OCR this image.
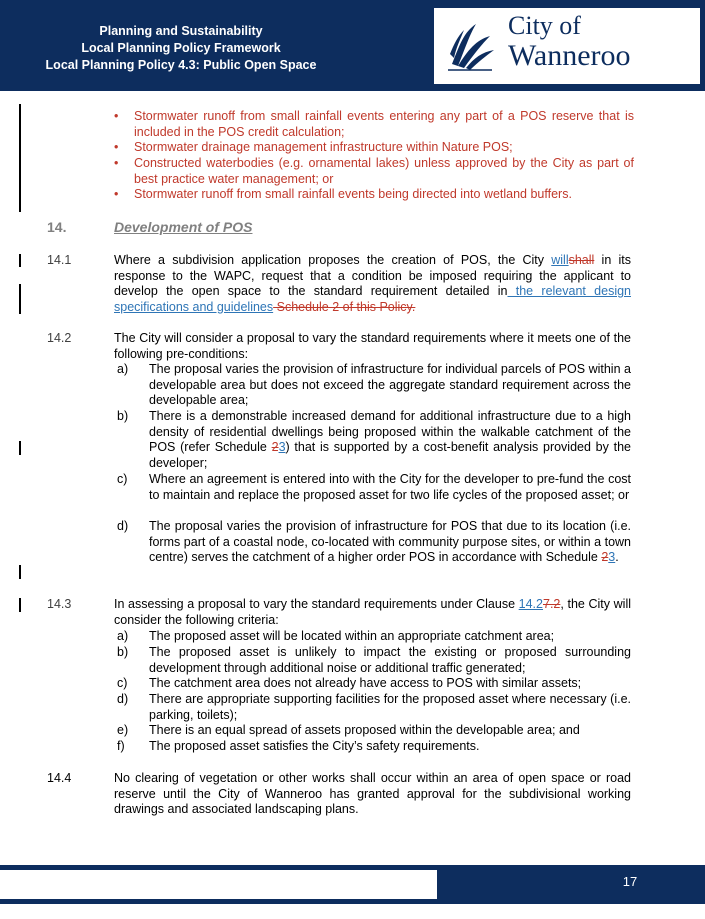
Planning and Sustainability
Local Planning Policy Framework
Local Planning Policy 4.3: Public Open Space
City of
Wanneroo
• Stormwater runoff from small rainfall events entering any part of a POS reserve that is included in the POS credit calculation;
• Stormwater drainage management infrastructure within Nature POS;
• Constructed waterbodies (e.g. ornamental lakes) unless approved by the City as part of best practice water management; or
• Stormwater runoff from small rainfall events being directed into wetland buffers.
14.	Development of POS
14.1	Where a subdivision application proposes the creation of POS, the City willshall in its response to the WAPC, request that a condition be imposed requiring the applicant to develop the open space to the standard requirement detailed in the relevant design specifications and guidelines Schedule 2 of this Policy.
14.2	The City will consider a proposal to vary the standard requirements where it meets one of the following pre-conditions:
a) The proposal varies the provision of infrastructure for individual parcels of POS within a developable area but does not exceed the aggregate standard requirement across the developable area;
b) There is a demonstrable increased demand for additional infrastructure due to a high density of residential dwellings being proposed within the walkable catchment of the POS (refer Schedule 23) that is supported by a cost-benefit analysis provided by the developer;
c) Where an agreement is entered into with the City for the developer to pre-fund the cost to maintain and replace the proposed asset for two life cycles of the proposed asset; or
d) The proposal varies the provision of infrastructure for POS that due to its location (i.e. forms part of a coastal node, co-located with community purpose sites, or within a town centre) serves the catchment of a higher order POS in accordance with Schedule 23.
14.3	In assessing a proposal to vary the standard requirements under Clause 14.27.2, the City will consider the following criteria:
a) The proposed asset will be located within an appropriate catchment area;
b) The proposed asset is unlikely to impact the existing or proposed surrounding development through additional noise or additional traffic generated;
c) The catchment area does not already have access to POS with similar assets;
d) There are appropriate supporting facilities for the proposed asset where necessary (i.e. parking, toilets);
e) There is an equal spread of assets proposed within the developable area; and
f) The proposed asset satisfies the City’s safety requirements.
14.4	No clearing of vegetation or other works shall occur within an area of open space or road reserve until the City of Wanneroo has granted approval for the subdivisional working drawings and associated landscaping plans.
17
